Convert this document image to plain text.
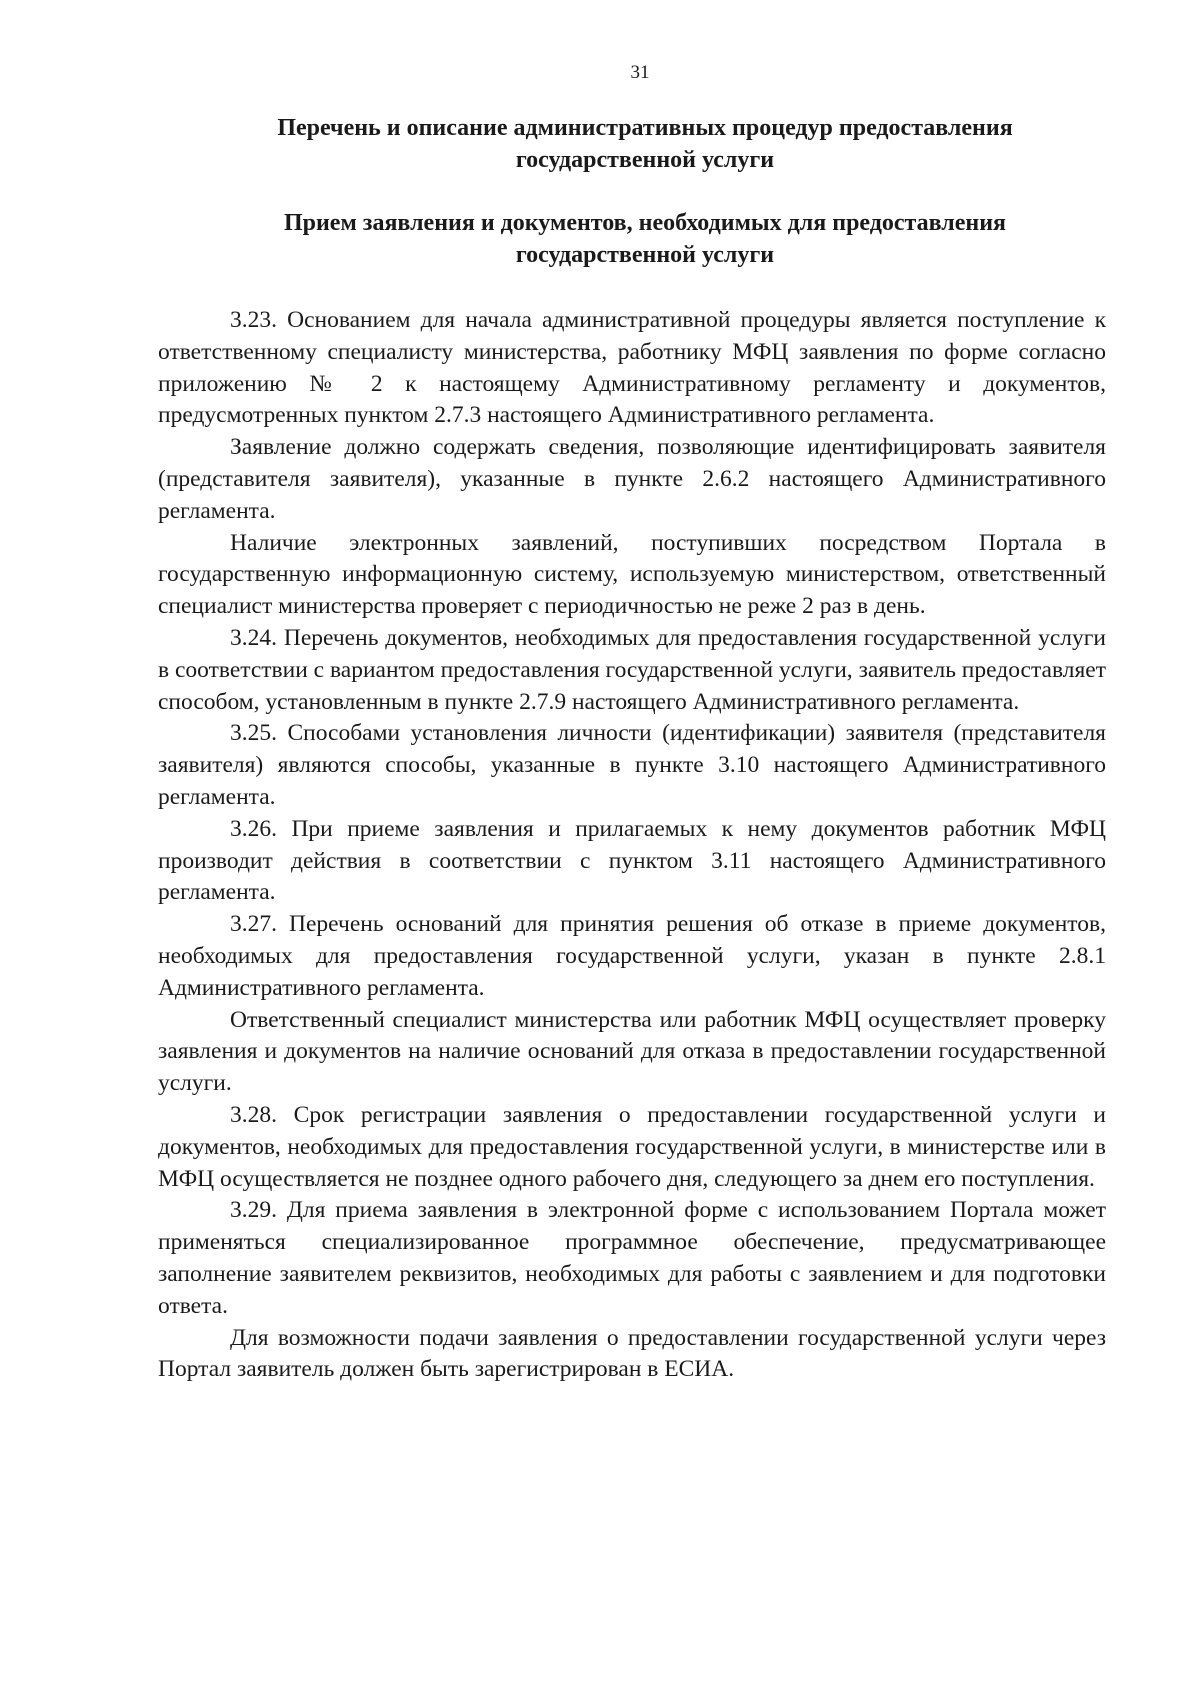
31
Перечень и описание административных процедур предоставления
государственной услуги
Прием заявления и документов, необходимых для предоставления
государственной услуги

3.23. Основанием для начала административной процедуры является поступление к ответственному специалисту министерства, работнику МФЦ заявления по форме согласно приложению № 2 к настоящему Административному регламенту и документов, предусмотренных пунктом 2.7.3 настоящего Административного регламента.

Заявление должно содержать сведения, позволяющие идентифицировать заявителя (представителя заявителя), указанные в пункте 2.6.2 настоящего Административного регламента.

Наличие электронных заявлений, поступивших посредством Портала в государственную информационную систему, используемую министерством, ответственный специалист министерства проверяет с периодичностью не реже 2 раз в день.

3.24. Перечень документов, необходимых для предоставления государственной услуги в соответствии с вариантом предоставления государственной услуги, заявитель предоставляет способом, установленным в пункте 2.7.9 настоящего Административного регламента.

3.25. Способами установления личности (идентификации) заявителя (представителя заявителя) являются способы, указанные в пункте 3.10 настоящего Административного регламента.

3.26. При приеме заявления и прилагаемых к нему документов работник МФЦ производит действия в соответствии с пунктом 3.11 настоящего Административного регламента.

3.27. Перечень оснований для принятия решения об отказе в приеме документов, необходимых для предоставления государственной услуги, указан в пункте 2.8.1 Административного регламента.

Ответственный специалист министерства или работник МФЦ осуществляет проверку заявления и документов на наличие оснований для отказа в предоставлении государственной услуги.

3.28. Срок регистрации заявления о предоставлении государственной услуги и документов, необходимых для предоставления государственной услуги, в министерстве или в МФЦ осуществляется не позднее одного рабочего дня, следующего за днем его поступления.

3.29. Для приема заявления в электронной форме с использованием Портала может применяться специализированное программное обеспечение, предусматривающее заполнение заявителем реквизитов, необходимых для работы с заявлением и для подготовки ответа.

Для возможности подачи заявления о предоставлении государственной услуги через Портал заявитель должен быть зарегистрирован в ЕСИА.
